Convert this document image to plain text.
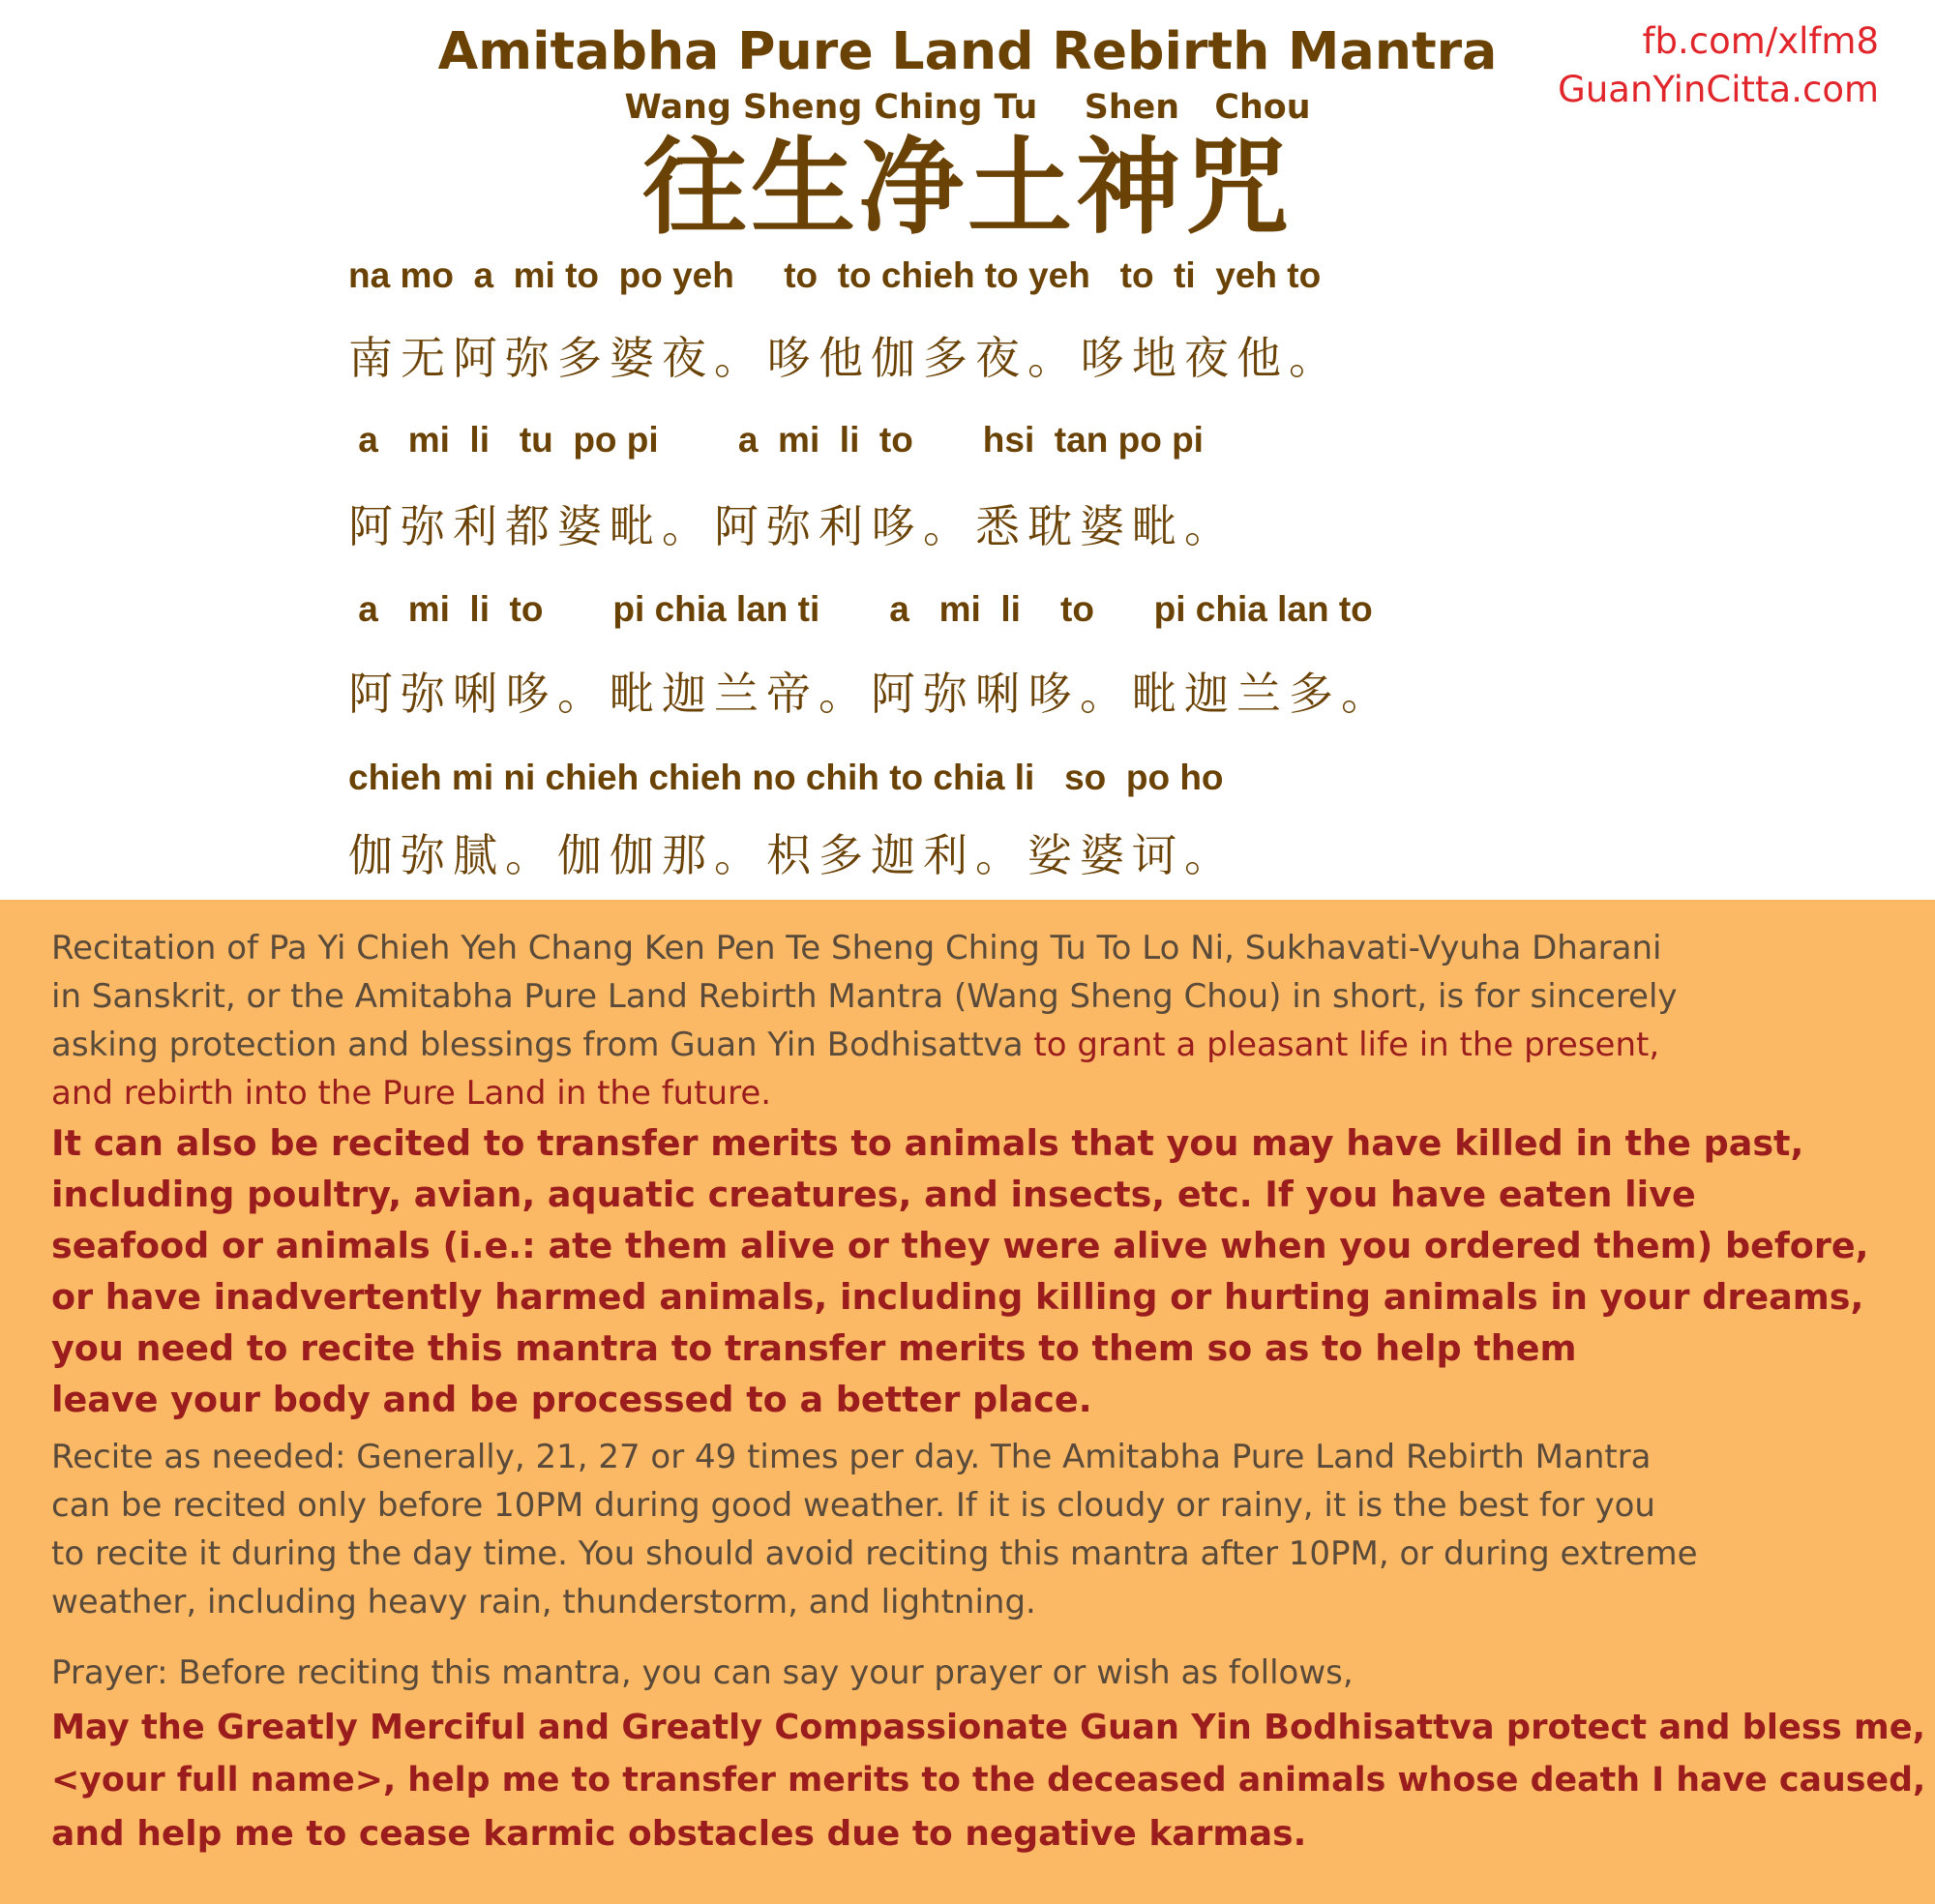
fb.com/xlfm8
GuanYinCitta.com
Amitabha Pure Land Rebirth Mantra
Wang Sheng Ching Tu    Shen   Chou
往生净土神咒

na mo  a  mi to  po yeh     to  to chieh to yeh   to  ti  yeh to

南无阿弥多婆夜。哆他伽多夜。哆地夜他。

a   mi  li   tu  po pi        a  mi  li  to       hsi  tan po pi

阿弥利都婆毗。阿弥利哆。悉耽婆毗。

a   mi  li  to       pi chia lan ti       a   mi  li    to      pi chia lan to

阿弥唎哆。毗迦兰帝。阿弥唎哆。毗迦兰多。

chieh mi ni chieh chieh no chih to chia li   so  po ho

伽弥腻。伽伽那。枳多迦利。娑婆诃。

Recitation of Pa Yi Chieh Yeh Chang Ken Pen Te Sheng Ching Tu To Lo Ni, Sukhavati-Vyuha Dharani
in Sanskrit, or the Amitabha Pure Land Rebirth Mantra (Wang Sheng Chou) in short, is for sincerely
asking protection and blessings from Guan Yin Bodhisattva to grant a pleasant life in the present,
and rebirth into the Pure Land in the future.
It can also be recited to transfer merits to animals that you may have killed in the past,
including poultry, avian, aquatic creatures, and insects, etc. If you have eaten live
seafood or animals (i.e.: ate them alive or they were alive when you ordered them) before,
or have inadvertently harmed animals, including killing or hurting animals in your dreams,
you need to recite this mantra to transfer merits to them so as to help them
leave your body and be processed to a better place.
Recite as needed: Generally, 21, 27 or 49 times per day. The Amitabha Pure Land Rebirth Mantra
can be recited only before 10PM during good weather. If it is cloudy or rainy, it is the best for you
to recite it during the day time. You should avoid reciting this mantra after 10PM, or during extreme
weather, including heavy rain, thunderstorm, and lightning.
Prayer: Before reciting this mantra, you can say your prayer or wish as follows,
May the Greatly Merciful and Greatly Compassionate Guan Yin Bodhisattva protect and bless me,
<your full name>, help me to transfer merits to the deceased animals whose death I have caused,
and help me to cease karmic obstacles due to negative karmas.
